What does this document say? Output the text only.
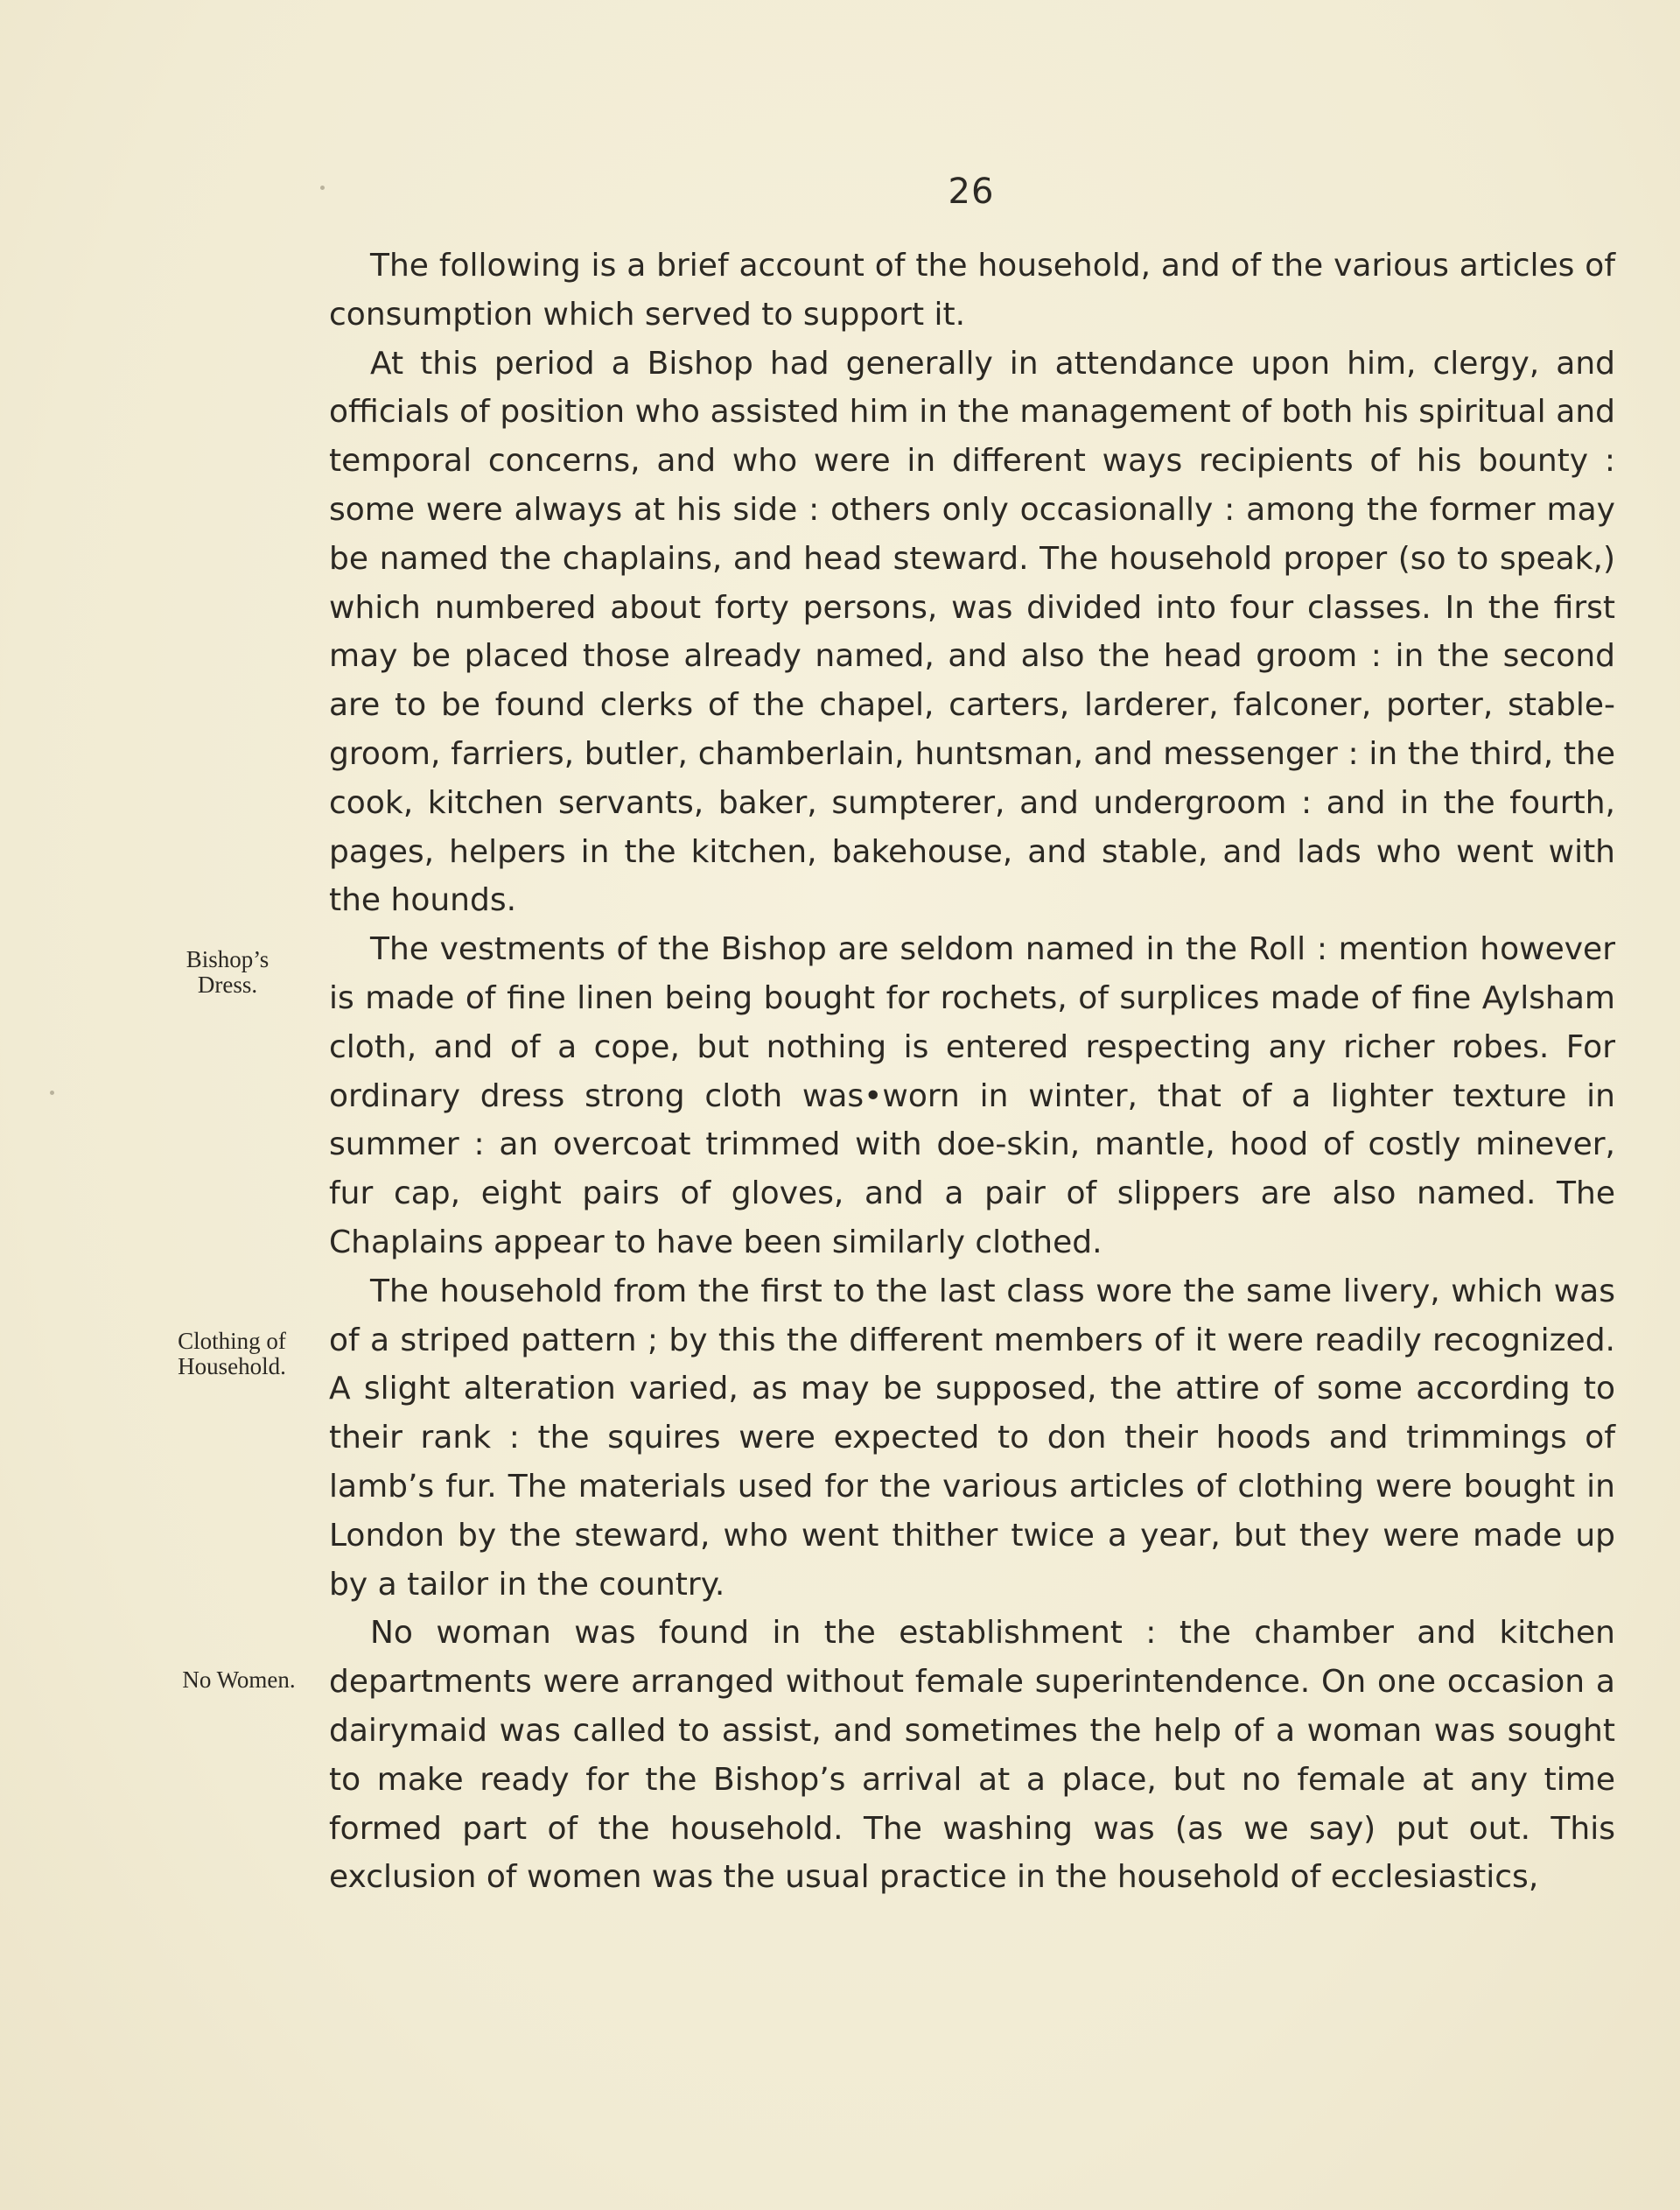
26
Bishop’s
Dress.
Clothing of
Household.
No Women.

The following is a brief account of the household, and of the various articles of consumption which served to support it.

At this period a Bishop had generally in attendance upon him, clergy, and officials of position who assisted him in the management of both his spiritual and temporal concerns, and who were in different ways recipients of his bounty : some were always at his side : others only occasionally : among the former may be named the chaplains, and head steward. The household proper (so to speak,) which numbered about forty persons, was divided into four classes. In the first may be placed those already named, and also the head groom : in the second are to be found clerks of the chapel, carters, larderer, falconer, porter, stable-groom, farriers, butler, chamberlain, huntsman, and messenger : in the third, the cook, kitchen servants, baker, sumpterer, and undergroom : and in the fourth, pages, helpers in the kitchen, bakehouse, and stable, and lads who went with the hounds.

The vestments of the Bishop are seldom named in the Roll : mention however is made of fine linen being bought for rochets, of surplices made of fine Aylsham cloth, and of a cope, but nothing is entered respecting any richer robes. For ordinary dress strong cloth was•worn in winter, that of a lighter texture in summer : an overcoat trimmed with doe-skin, mantle, hood of costly minever, fur cap, eight pairs of gloves, and a pair of slippers are also named. The Chaplains appear to have been similarly clothed.

The household from the first to the last class wore the same livery, which was of a striped pattern ; by this the different members of it were readily recognized. A slight alteration varied, as may be supposed, the attire of some according to their rank : the squires were expected to don their hoods and trimmings of lamb’s fur. The materials used for the various articles of clothing were bought in London by the steward, who went thither twice a year, but they were made up by a tailor in the country.

No woman was found in the establishment : the chamber and kitchen departments were arranged without female superintendence. On one occasion a dairymaid was called to assist, and sometimes the help of a woman was sought to make ready for the Bishop’s arrival at a place, but no female at any time formed part of the household. The washing was (as we say) put out. This exclusion of women was the usual practice in the household of ecclesiastics,
